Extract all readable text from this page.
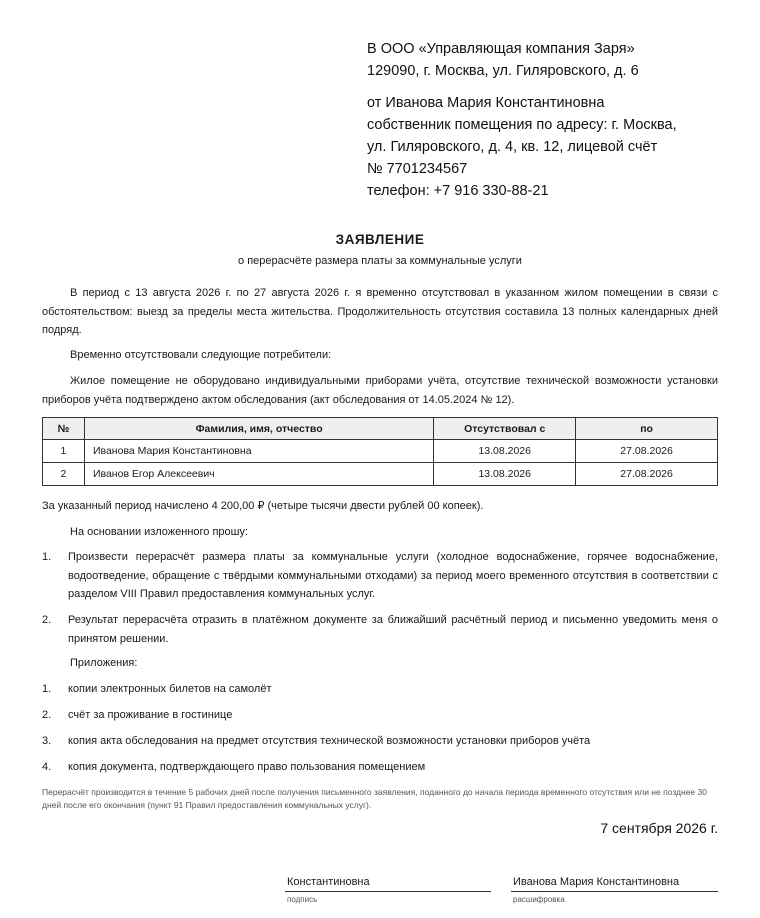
В ООО «Управляющая компания Заря»
129090, г. Москва, ул. Гиляровского, д. 6
от Иванова Мария Константиновна
собственник помещения по адресу: г. Москва,
ул. Гиляровского, д. 4, кв. 12, лицевой счёт
№ 7701234567
телефон: +7 916 330-88-21
ЗАЯВЛЕНИЕ
о перерасчёте размера платы за коммунальные услуги
В период с 13 августа 2026 г. по 27 августа 2026 г. я временно отсутствовал в указанном жилом помещении в связи с обстоятельством: выезд за пределы места жительства. Продолжительность отсутствия составила 13 полных календарных дней подряд.
Временно отсутствовали следующие потребители:
Жилое помещение не оборудовано индивидуальными приборами учёта, отсутствие технической возможности установки приборов учёта подтверждено актом обследования (акт обследования от 14.05.2024 № 12).
№	Фамилия, имя, отчество	Отсутствовал с	по
1	Иванова Мария Константиновна	13.08.2026	27.08.2026
2	Иванов Егор Алексеевич	13.08.2026	27.08.2026
За указанный период начислено 4 200,00 ₽ (четыре тысячи двести рублей 00 копеек).
На основании изложенного прошу:
1. Произвести перерасчёт размера платы за коммунальные услуги (холодное водоснабжение, горячее водоснабжение, водоотведение, обращение с твёрдыми коммунальными отходами) за период моего временного отсутствия в соответствии с разделом VIII Правил предоставления коммунальных услуг.
2. Результат перерасчёта отразить в платёжном документе за ближайший расчётный период и письменно уведомить меня о принятом решении.
Приложения:
1. копии электронных билетов на самолёт
2. счёт за проживание в гостинице
3. копия акта обследования на предмет отсутствия технической возможности установки приборов учёта
4. копия документа, подтверждающего право пользования помещением
Перерасчёт производится в течение 5 рабочих дней после получения письменного заявления, поданного до начала периода временного отсутствия или не позднее 30 дней после его окончания (пункт 91 Правил предоставления коммунальных услуг).
7 сентября 2026 г.
Константиновна
подпись
Иванова Мария Константиновна
расшифровка
